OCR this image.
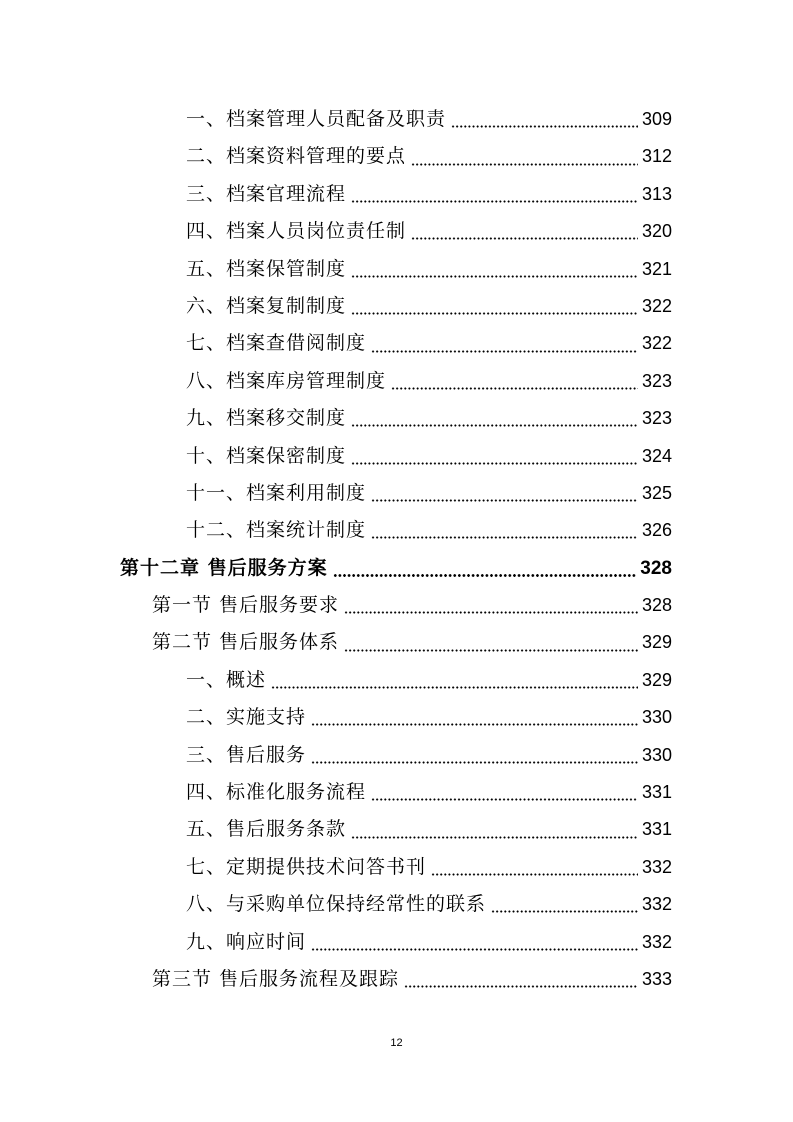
一、档案管理人员配备及职责	309
二、档案资料管理的要点	312
三、档案官理流程	313
四、档案人员岗位责任制	320
五、档案保管制度	321
六、档案复制制度	322
七、档案查借阅制度	322
八、档案库房管理制度	323
九、档案移交制度	323
十、档案保密制度	324
十一、档案利用制度	325
十二、档案统计制度	326
第十二章 售后服务方案	328
第一节 售后服务要求	328
第二节 售后服务体系	329
一、概述	329
二、实施支持	330
三、售后服务	330
四、标准化服务流程	331
五、售后服务条款	331
七、定期提供技术问答书刊	332
八、与采购单位保持经常性的联系	332
九、响应时间	332
第三节 售后服务流程及跟踪	333
12
